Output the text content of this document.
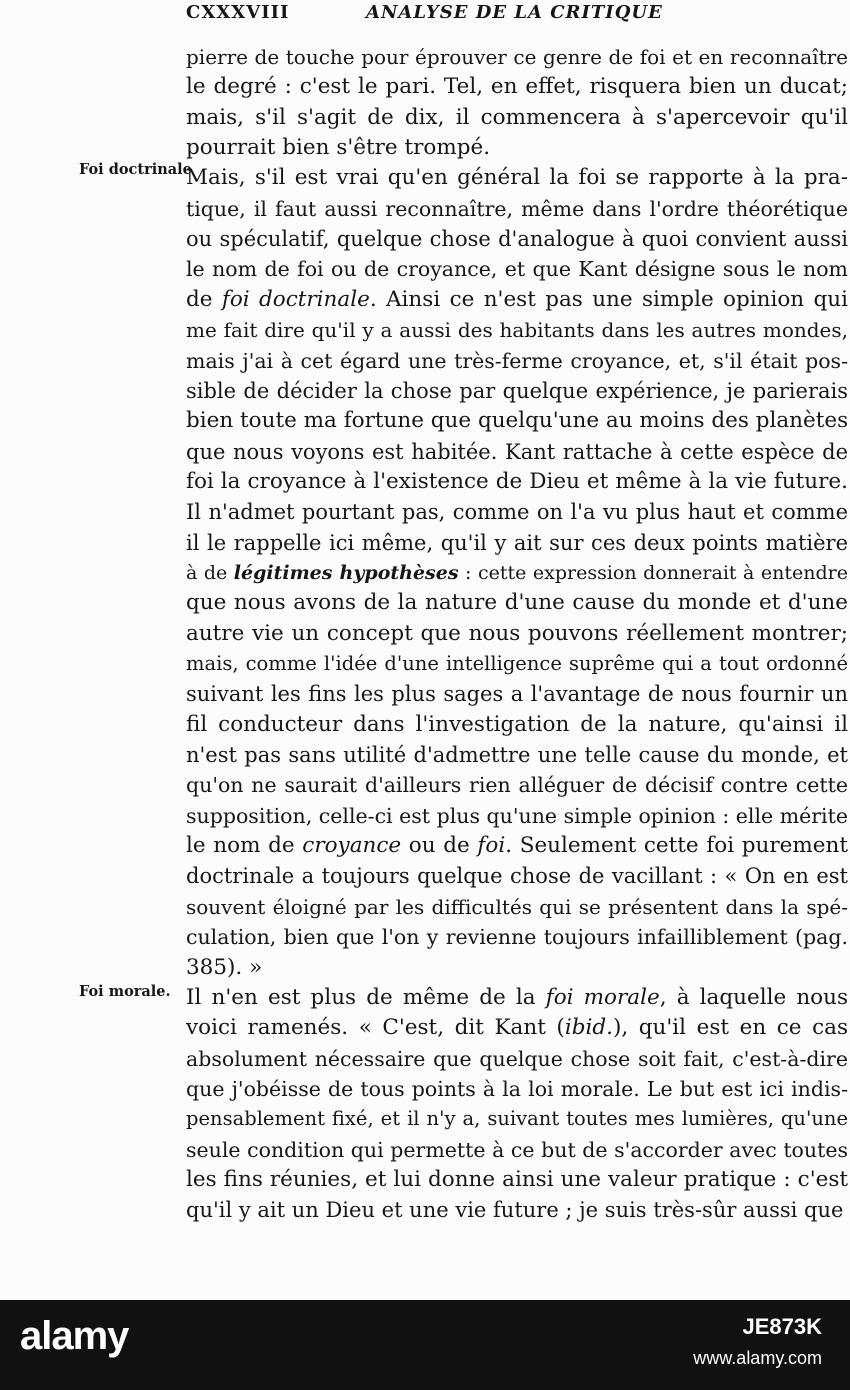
CXXXVIII	ANALYSE DE LA CRITIQUE
Foi doctrinale
Foi morale.
pierre de touche pour éprouver ce genre de foi et en reconnaître
le degré : c'est le pari. Tel, en effet, risquera bien un ducat;
mais, s'il s'agit de dix, il commencera à s'apercevoir qu'il
pourrait bien s'être trompé.
Mais, s'il est vrai qu'en général la foi se rapporte à la pra-
tique, il faut aussi reconnaître, même dans l'ordre théorétique
ou spéculatif, quelque chose d'analogue à quoi convient aussi
le nom de foi ou de croyance, et que Kant désigne sous le nom
de foi doctrinale. Ainsi ce n'est pas une simple opinion qui
me fait dire qu'il y a aussi des habitants dans les autres mondes,
mais j'ai à cet égard une très-ferme croyance, et, s'il était pos-
sible de décider la chose par quelque expérience, je parierais
bien toute ma fortune que quelqu'une au moins des planètes
que nous voyons est habitée. Kant rattache à cette espèce de
foi la croyance à l'existence de Dieu et même à la vie future.
Il n'admet pourtant pas, comme on l'a vu plus haut et comme
il le rappelle ici même, qu'il y ait sur ces deux points matière
à de légitimes hypothèses : cette expression donnerait à entendre
que nous avons de la nature d'une cause du monde et d'une
autre vie un concept que nous pouvons réellement montrer;
mais, comme l'idée d'une intelligence suprême qui a tout ordonné
suivant les fins les plus sages a l'avantage de nous fournir un
fil conducteur dans l'investigation de la nature, qu'ainsi il
n'est pas sans utilité d'admettre une telle cause du monde, et
qu'on ne saurait d'ailleurs rien alléguer de décisif contre cette
supposition, celle-ci est plus qu'une simple opinion : elle mérite
le nom de croyance ou de foi. Seulement cette foi purement
doctrinale a toujours quelque chose de vacillant : « On en est
souvent éloigné par les difficultés qui se présentent dans la spé-
culation, bien que l'on y revienne toujours infailliblement (pag.
385). »
Il n'en est plus de même de la foi morale, à laquelle nous
voici ramenés. « C'est, dit Kant (ibid.), qu'il est en ce cas
absolument nécessaire que quelque chose soit fait, c'est-à-dire
que j'obéisse de tous points à la loi morale. Le but est ici indis-
pensablement fixé, et il n'y a, suivant toutes mes lumières, qu'une
seule condition qui permette à ce but de s'accorder avec toutes
les fins réunies, et lui donne ainsi une valeur pratique : c'est
qu'il y ait un Dieu et une vie future ; je suis très-sûr aussi que
alamy	JE873K
www.alamy.com
